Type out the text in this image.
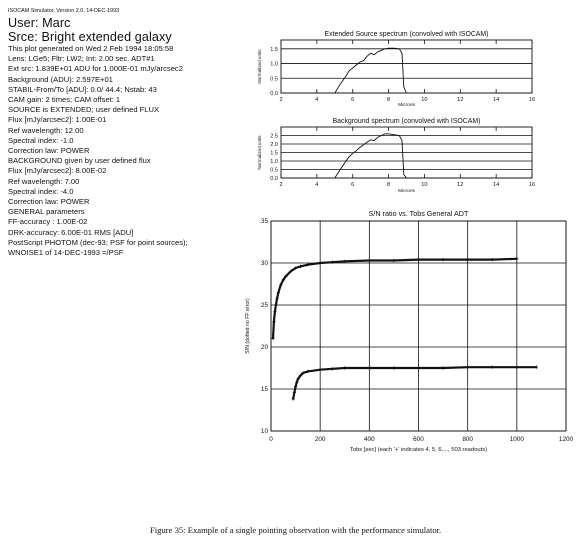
ISOCAM Simulator, Version 2.0, 14-DEC-1993
User: Marc
Srce: Bright extended galaxy
This plot generated on Wed 2 Feb 1994 18:05:58
Lens: LGe5; Fltr: LW2; Int: 2.00 sec. ADT#1
Ext src: 1.839E+01 ADU for 1.000E-01 mJy/arcsec2
Background (ADU): 2.597E+01
STABIL-From/To [ADU]: 0.0/ 44.4; Nstab: 43
CAM gain: 2 times; CAM offset: 1
SOURCE is EXTENDED; user defined FLUX
Flux [mJy/arcsec2]: 1.00E-01
Ref wavelength: 12.00
Spectral index: -1.0
Correction law: POWER
BACKGROUND given by user defined flux
Flux [mJy/arcsec2]: 8.00E-02
Ref wavelength: 7.00
Spectral index: -4.0
Correction law: POWER
GENERAL parameters
FF-accuracy : 1.00E-02
DRK-accuracy: 6.00E-01 RMS [ADU]
PostScript PHOTOM (dec-93; PSF for point sources);
WNOISE1 of 14-DEC-1993 =/PSF
Extended Source spectrum (convolved with ISOCAM)
2	4	6	8	10	12	14	16
0.0
0.5
1.0
1.5
Microns
Normalized units
Background spectrum (convolved with ISOCAM)
2	4	6	8	10	12	14	16
0.0
0.5
1.0
1.5
2.0
2.5
Microns
Normalized units
S/N ratio vs. Tobs General ADT
0	200	400	600	800	1000	1200
10
15
20
25
30
35
Tobs [sec] (each '+' indicates 4, 5, 6,..., 503 readouts)
S/N (dotted no FF error)
Figure 35: Example of a single pointing observation with the performance simulator.
